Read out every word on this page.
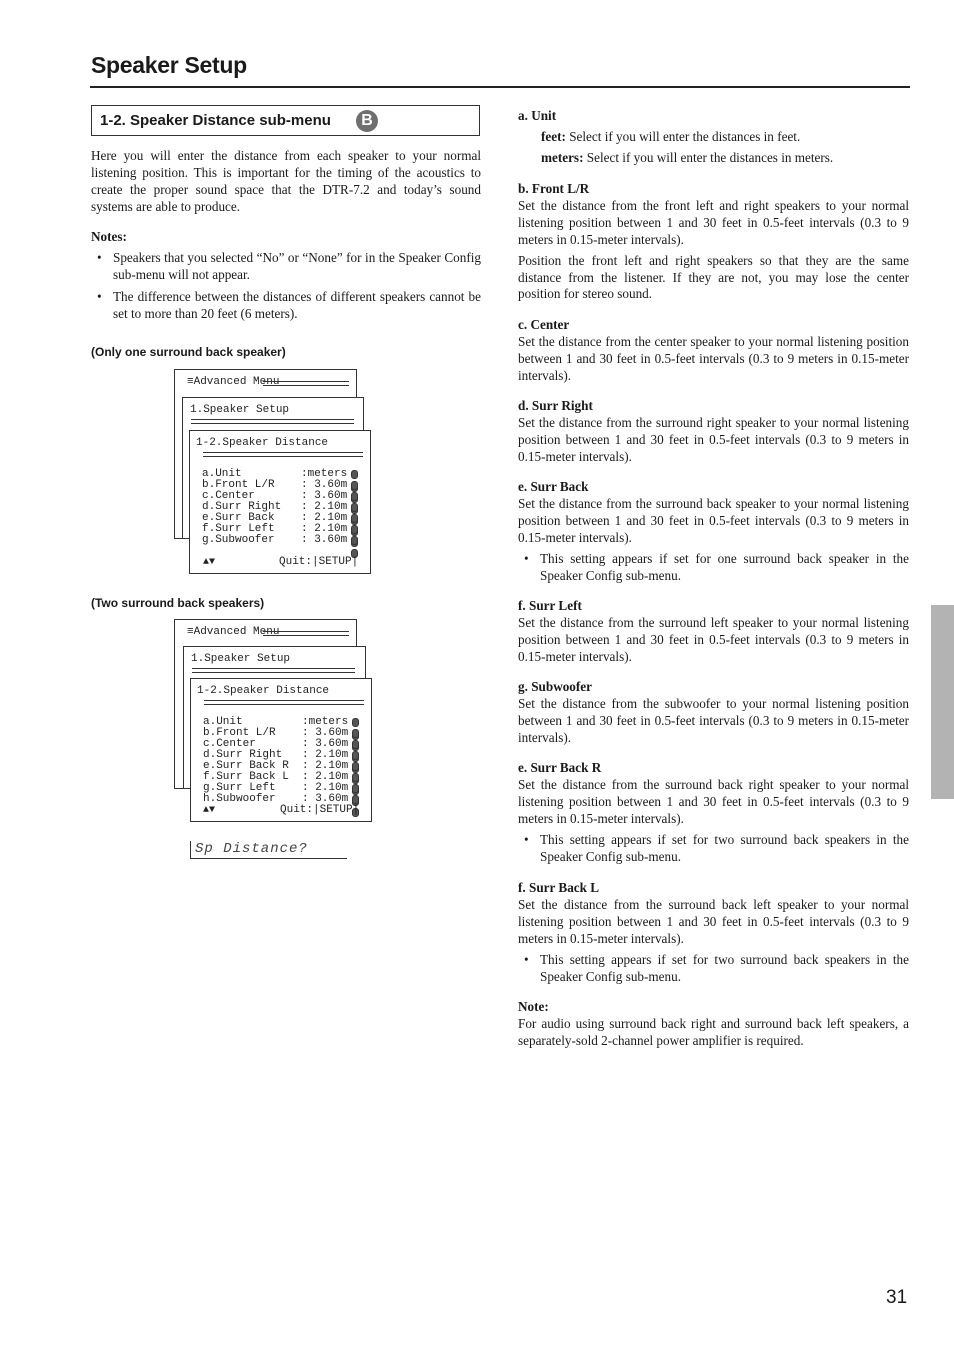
Speaker Setup
1-2. Speaker Distance sub-menu	B
Here you will enter the distance from each speaker to your normal listening position. This is important for the timing of the acoustics to create the proper sound space that the DTR-7.2 and today’s sound systems are able to produce.
Notes:
• Speakers that you selected “No” or “None” for in the Speaker Config sub-menu will not appear.
• The difference between the distances of different speakers cannot be set to more than 20 feet (6 meters).
(Only one surround back speaker)
≡Advanced Menu
1.Speaker Setup
1-2.Speaker Distance
a.Unit	:meters
b.Front L/R : 3.60m
c.Center	: 3.60m
d.Surr Right : 2.10m
e.Surr Back : 2.10m
f.Surr Left : 2.10m
g.Subwoofer : 3.60m
▲▼	Quit:|SETUP|
(Two surround back speakers)
≡Advanced Menu
1.Speaker Setup
1-2.Speaker Distance
a.Unit	:meters
b.Front L/R : 3.60m
c.Center	: 3.60m
d.Surr Right : 2.10m
e.Surr Back R : 2.10m
f.Surr Back L : 2.10m
g.Surr Left : 2.10m
h.Subwoofer : 3.60m
▲▼	Quit:|SETUP|
Sp Distance?
a. Unit
feet: Select if you will enter the distances in feet.
meters: Select if you will enter the distances in meters.
b. Front L/R
Set the distance from the front left and right speakers to your normal listening position between 1 and 30 feet in 0.5-feet intervals (0.3 to 9 meters in 0.15-meter intervals).
Position the front left and right speakers so that they are the same distance from the listener. If they are not, you may lose the center position for stereo sound.
c. Center
Set the distance from the center speaker to your normal listening position between 1 and 30 feet in 0.5-feet intervals (0.3 to 9 meters in 0.15-meter intervals).
d. Surr Right
Set the distance from the surround right speaker to your normal listening position between 1 and 30 feet in 0.5-feet intervals (0.3 to 9 meters in 0.15-meter intervals).
e. Surr Back
Set the distance from the surround back speaker to your normal listening position between 1 and 30 feet in 0.5-feet intervals (0.3 to 9 meters in 0.15-meter intervals).
• This setting appears if set for one surround back speaker in the Speaker Config sub-menu.
f. Surr Left
Set the distance from the surround left speaker to your normal listening position between 1 and 30 feet in 0.5-feet intervals (0.3 to 9 meters in 0.15-meter intervals).
g. Subwoofer
Set the distance from the subwoofer to your normal listening position between 1 and 30 feet in 0.5-feet intervals (0.3 to 9 meters in 0.15-meter intervals).
e. Surr Back R
Set the distance from the surround back right speaker to your normal listening position between 1 and 30 feet in 0.5-feet intervals (0.3 to 9 meters in 0.15-meter intervals).
• This setting appears if set for two surround back speakers in the Speaker Config sub-menu.
f. Surr Back L
Set the distance from the surround back left speaker to your normal listening position between 1 and 30 feet in 0.5-feet intervals (0.3 to 9 meters in 0.15-meter intervals).
• This setting appears if set for two surround back speakers in the Speaker Config sub-menu.
Note:
For audio using surround back right and surround back left speakers, a separately-sold 2-channel power amplifier is required.
31
